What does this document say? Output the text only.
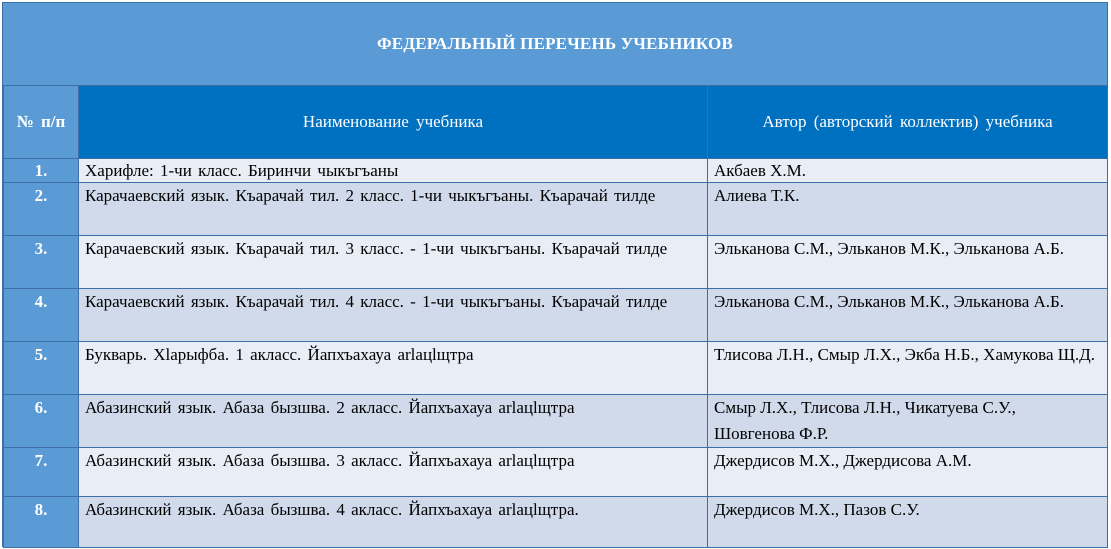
ФЕДЕРАЛЬНЫЙ ПЕРЕЧЕНЬ УЧЕБНИКОВ
№ п/п	Наименование учебника	Автор (авторский коллектив) учебника
1.	Харифле: 1-чи класс. Биринчи чыкъгъаны	Акбаев Х.М.
2.	Карачаевский язык. Къарачай тил. 2 класс. 1-чи чыкъгъаны. Къарачай тилде	Алиева Т.К.
3.	Карачаевский язык. Къарачай тил. 3 класс. - 1-чи чыкъгъаны. Къарачай тилде	Эльканова С.М., Эльканов М.К., Эльканова А.Б.
4.	Карачаевский язык. Къарачай тил. 4 класс. - 1-чи чыкъгъаны. Къарачай тилде	Эльканова С.М., Эльканов М.К., Эльканова А.Б.
5.	Букварь. Хlарыфба. 1 акласс. Йапхъахауа аrlацlщтра	Тлисова Л.Н., Смыр Л.Х., Экба Н.Б., Хамукова Щ.Д.
6.	Абазинский язык. Абаза бызшва. 2 акласс. Йапхъахауа аrlацlщтра	Смыр Л.Х., Тлисова Л.Н., Чикатуева С.У., Шовгенова Ф.Р.
7.	Абазинский язык. Абаза бызшва. 3 акласс. Йапхъахауа аrlацlщтра	Джердисов М.Х., Джердисова А.М.
8.	Абазинский язык. Абаза бызшва. 4 акласс. Йапхъахауа аrlацlщтра.	Джердисов М.Х., Пазов С.У.
